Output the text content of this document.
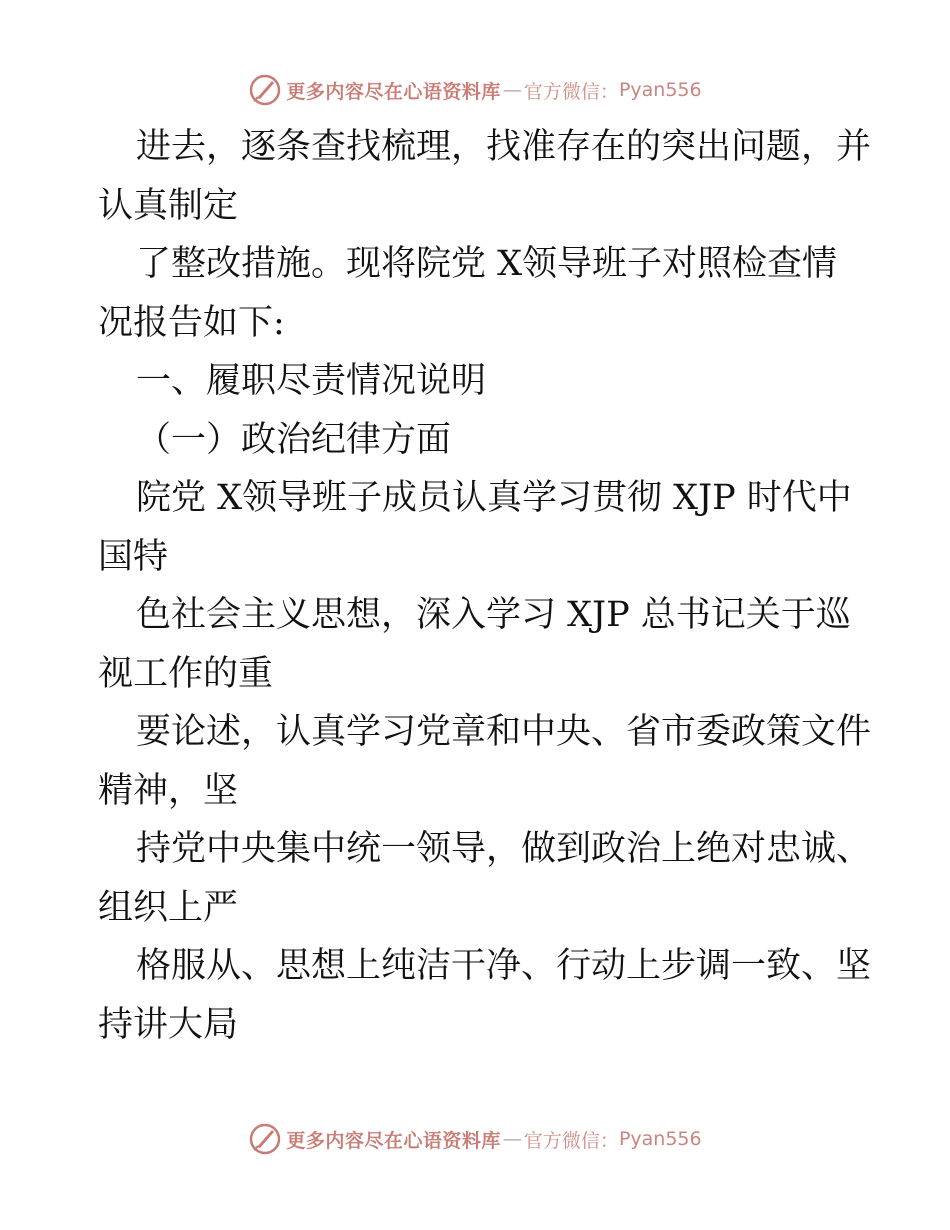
更多内容尽在心语资料库 — 官方微信： Pyan556
进去，逐条查找梳理，找准存在的突出问题，并
认真制定
了整改措施。现将院党 X领导班子对照检查情
况报告如下:
一、履职尽责情况说明
（一）政治纪律方面
院党 X领导班子成员认真学习贯彻 XJP 时代中
国特
色社会主义思想，深入学习 XJP 总书记关于巡
视工作的重
要论述，认真学习党章和中央、省市委政策文件
精神，坚
持党中央集中统一领导，做到政治上绝对忠诚、
组织上严
格服从、思想上纯洁干净、行动上步调一致、坚
持讲大局
更多内容尽在心语资料库 — 官方微信： Pyan556
